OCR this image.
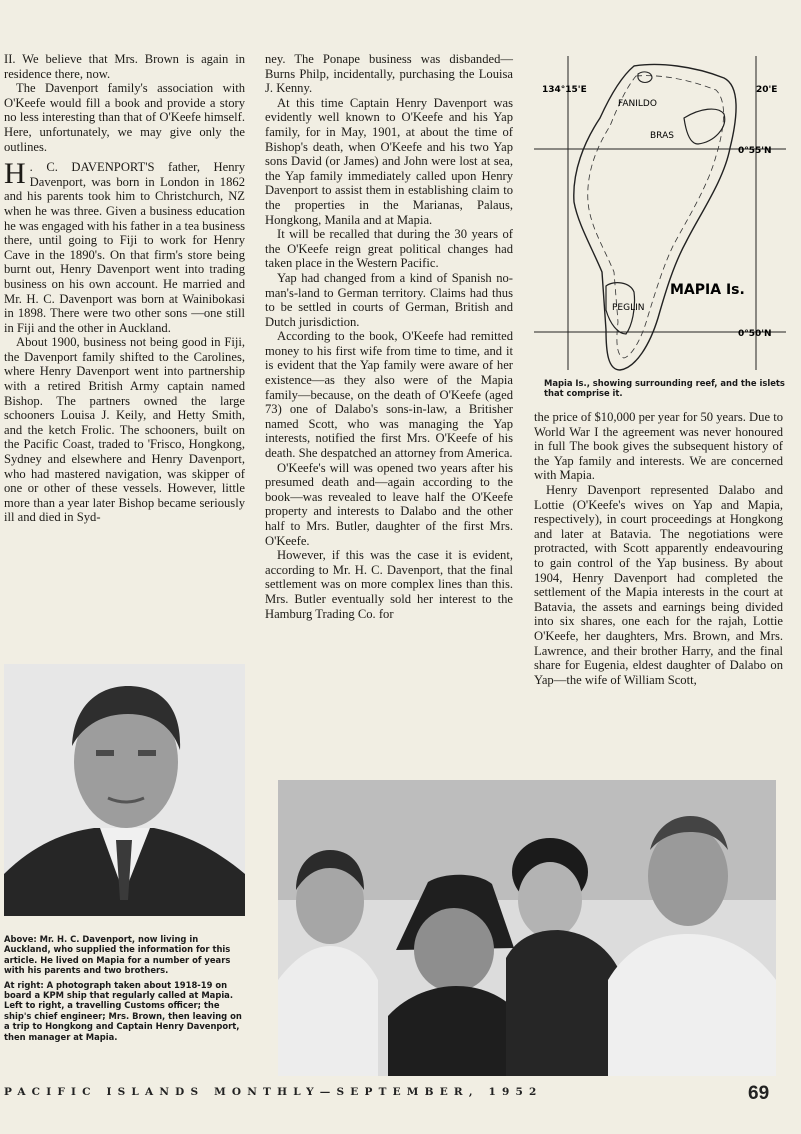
II. We believe that Mrs. Brown is again in residence there, now.

The Davenport family's association with O'Keefe would fill a book and provide a story no less interesting than that of O'Keefe himself. Here, unfortunately, we may give only the outlines.

H . C. DAVENPORT'S father, Henry Davenport, was born in London in 1862 and his parents took him to Christchurch, NZ when he was three. Given a business education he was engaged with his father in a tea business there, until going to Fiji to work for Henry Cave in the 1890's. On that firm's store being burnt out, Henry Davenport went into trading business on his own account. He married and Mr. H. C. Davenport was born at Wainibokasi in 1898. There were two other sons —one still in Fiji and the other in Auckland.

About 1900, business not being good in Fiji, the Davenport family shifted to the Carolines, where Henry Davenport went into partnership with a retired British Army captain named Bishop. The partners owned the large schooners Louisa J. Keily, and Hetty Smith, and the ketch Frolic. The schooners, built on the Pacific Coast, traded to 'Frisco, Hongkong, Sydney and elsewhere and Henry Davenport, who had mastered navigation, was skipper of one or other of these vessels. However, little more than a year later Bishop became seriously ill and died in Syd-

ney. The Ponape business was disbanded—Burns Philp, incidentally, purchasing the Louisa J. Kenny.

At this time Captain Henry Davenport was evidently well known to O'Keefe and his Yap family, for in May, 1901, at about the time of Bishop's death, when O'Keefe and his two Yap sons David (or James) and John were lost at sea, the Yap family immediately called upon Henry Davenport to assist them in establishing claim to the properties in the Marianas, Palaus, Hongkong, Manila and at Mapia.

It will be recalled that during the 30 years of the O'Keefe reign great political changes had taken place in the Western Pacific.

Yap had changed from a kind of Spanish no-man's-land to German territory. Claims had thus to be settled in courts of German, British and Dutch jurisdiction.

According to the book, O'Keefe had remitted money to his first wife from time to time, and it is evident that the Yap family were aware of her existence—as they also were of the Mapia family—because, on the death of O'Keefe (aged 73) one of Dalabo's sons-in-law, a Britisher named Scott, who was managing the Yap interests, notified the first Mrs. O'Keefe of his death. She despatched an attorney from America.

O'Keefe's will was opened two years after his presumed death and—again according to the book—was revealed to leave half the O'Keefe property and interests to Dalabo and the other half to Mrs. Butler, daughter of the first Mrs. O'Keefe.

However, if this was the case it is evident, according to Mr. H. C. Davenport, that the final settlement was on more complex lines than this. Mrs. Butler eventually sold her interest to the Hamburg Trading Co. for

134°15'E	20'E
0°55'N
0°50'N
FANILDO
BRAS
PEGLIN
MAPIA Is.
Mapia Is., showing surrounding reef, and the islets that comprise it.

the price of $10,000 per year for 50 years. Due to World War I the agreement was never honoured in full The book gives the subsequent history of the Yap family and interests. We are concerned with Mapia.

Henry Davenport represented Dalabo and Lottie (O'Keefe's wives on Yap and Mapia, respectively), in court proceedings at Hongkong and later at Batavia. The negotiations were protracted, with Scott apparently endeavouring to gain control of the Yap business. By about 1904, Henry Davenport had completed the settlement of the Mapia interests in the court at Batavia, the assets and earnings being divided into six shares, one each for the rajah, Lottie O'Keefe, her daughters, Mrs. Brown, and Mrs. Lawrence, and their brother Harry, and the final share for Eugenia, eldest daughter of Dalabo on Yap—the wife of William Scott,

Above: Mr. H. C. Davenport, now living in Auckland, who supplied the information for this article. He lived on Mapia for a number of years with his parents and two brothers.

At right: A photograph taken about 1918-19 on board a KPM ship that regularly called at Mapia. Left to right, a travelling Customs officer; the ship's chief engineer; Mrs. Brown, then leaving on a trip to Hongkong and Captain Henry Davenport, then manager at Mapia.

PACIFIC ISLANDS MONTHLY—SEPTEMBER, 1952	69
